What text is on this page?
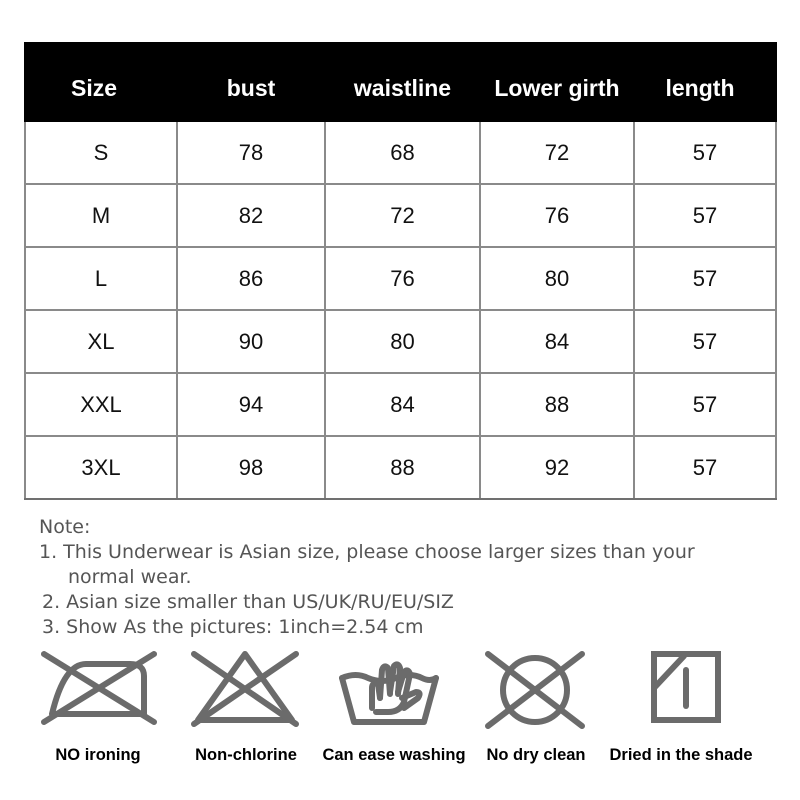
Size	bust	waistline	Lower girth	length
S	78	68	72	57
M	82	72	76	57
L	86	76	80	57
XL	90	80	84	57
XXL	94	84	88	57
3XL	98	88	92	57
Note:
1. This Underwear is Asian size, please choose larger sizes than your
normal wear.
2. Asian size smaller than US/UK/RU/EU/SIZ
3. Show As the pictures: 1inch=2.54 cm
NO ironing	Non-chlorine Can ease washing No dry clean Dried in the shade
